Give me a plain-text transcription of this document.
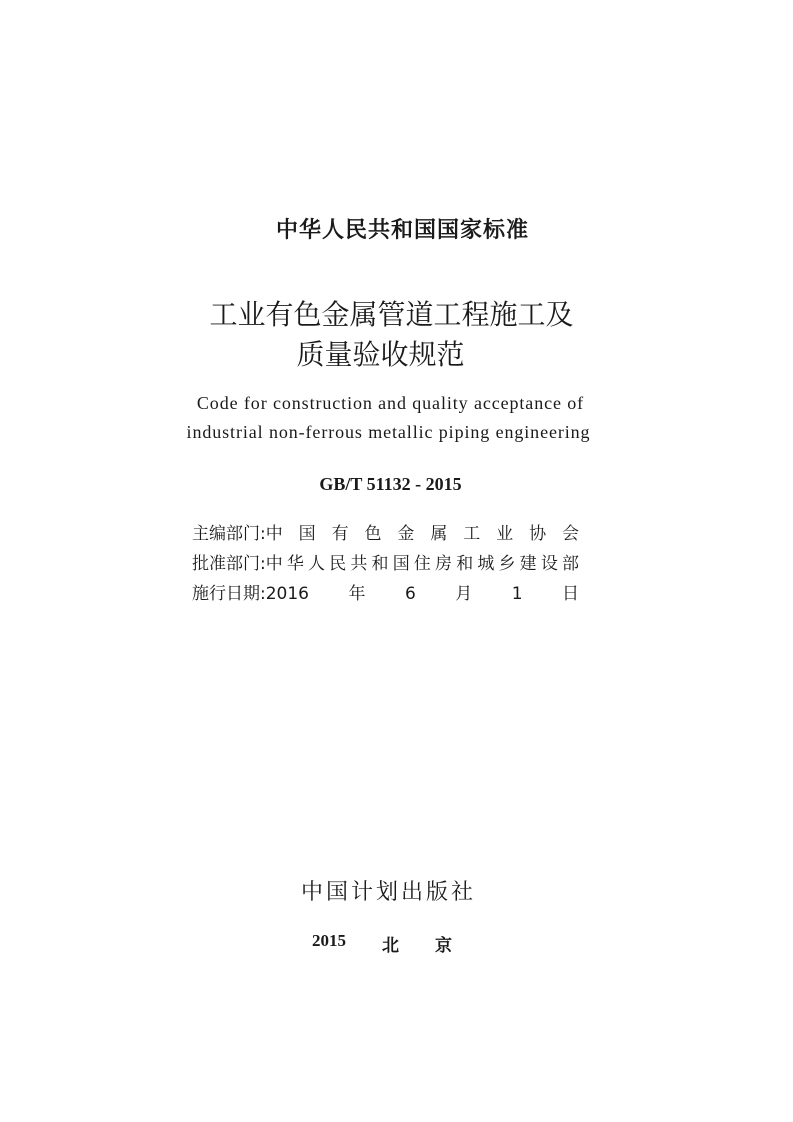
中华人民共和国国家标准
工业有色金属管道工程施工及
质量验收规范
Code for construction and quality acceptance of
industrial non-ferrous metallic piping engineering
GB/T 51132 - 2015
主编部门: 中国有色金属工业协会
批准部门: 中华人民共和国住房和城乡建设部
施行日期: 2016年6月1日
中国计划出版社
2015 北 京
